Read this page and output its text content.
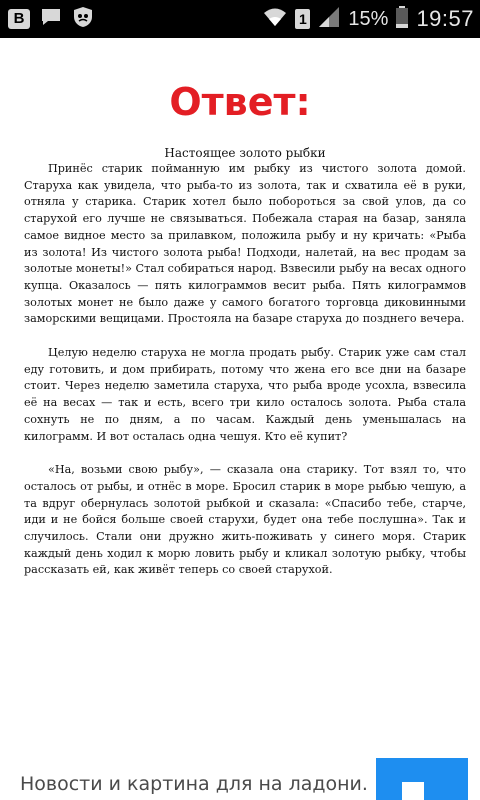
В	1 15% 19:57
Ответ:
Настоящее золото рыбки

Принёс старик пойманную им рыбку из чистого золота домой. Старуха как увидела, что рыба-то из золота, так и схватила её в руки, отняла у старика. Старик хотел было побороться за свой улов, да со старухой его лучше не связываться. Побежала старая на базар, заняла самое видное место за прилавком, положила рыбу и ну кричать: «Рыба из золота! Из чистого золота рыба! Подходи, налетай, на вес продам за золотые монеты!» Стал собираться народ. Взвесили рыбу на весах одного купца. Оказалось — пять килограммов весит рыба. Пять килограммов золотых монет не было даже у самого богатого торговца диковинными заморскими вещицами. Простояла на базаре старуха до позднего вечера.

Целую неделю старуха не могла продать рыбу. Старик уже сам стал еду готовить, и дом прибирать, потому что жена его все дни на базаре стоит. Через неделю заметила старуха, что рыба вроде усохла, взвесила её на весах — так и есть, всего три кило осталось золота. Рыба стала сохнуть не по дням, а по часам. Каждый день уменьшалась на килограмм. И вот осталась одна чешуя. Кто её купит?

«На, возьми свою рыбу», — сказала она старику. Тот взял то, что осталось от рыбы, и отнёс в море. Бросил старик в море рыбью чешую, а та вдруг обернулась золотой рыбкой и сказала: «Спасибо тебе, старче, иди и не бойся больше своей старухи, будет она тебе послушна». Так и случилось. Стали они дружно жить-поживать у синего моря. Старик каждый день ходил к морю ловить рыбу и кликал золотую рыбку, чтобы рассказать ей, как живёт теперь со своей старухой.

Новости и картина для на ладони.
